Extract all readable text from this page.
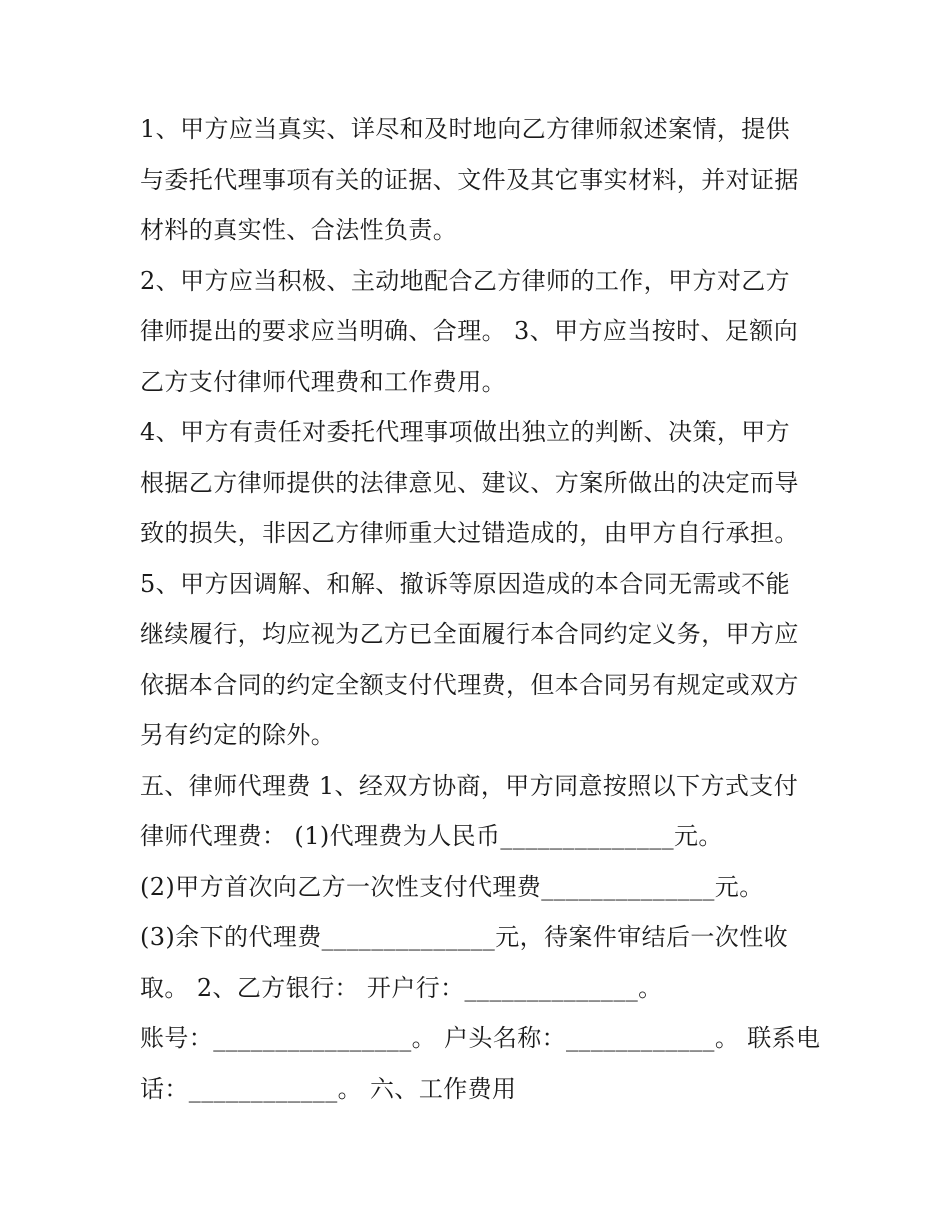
1、甲方应当真实、详尽和及时地向乙方律师叙述案情，提供
与委托代理事项有关的证据、文件及其它事实材料，并对证据
材料的真实性、合法性负责。
2、甲方应当积极、主动地配合乙方律师的工作，甲方对乙方
律师提出的要求应当明确、合理。 3、甲方应当按时、足额向
乙方支付律师代理费和工作费用。
4、甲方有责任对委托代理事项做出独立的判断、决策，甲方
根据乙方律师提供的法律意见、建议、方案所做出的决定而导
致的损失，非因乙方律师重大过错造成的，由甲方自行承担。
5、甲方因调解、和解、撤诉等原因造成的本合同无需或不能
继续履行，均应视为乙方已全面履行本合同约定义务，甲方应
依据本合同的约定全额支付代理费，但本合同另有规定或双方
另有约定的除外。
五、律师代理费 1、经双方协商，甲方同意按照以下方式支付
律师代理费： (1)代理费为人民币______________元。
(2)甲方首次向乙方一次性支付代理费______________元。
(3)余下的代理费______________元，待案件审结后一次性收
取。 2、乙方银行： 开户行：______________。
账号：________________。 户头名称：____________。 联系电
话：____________。 六、工作费用
